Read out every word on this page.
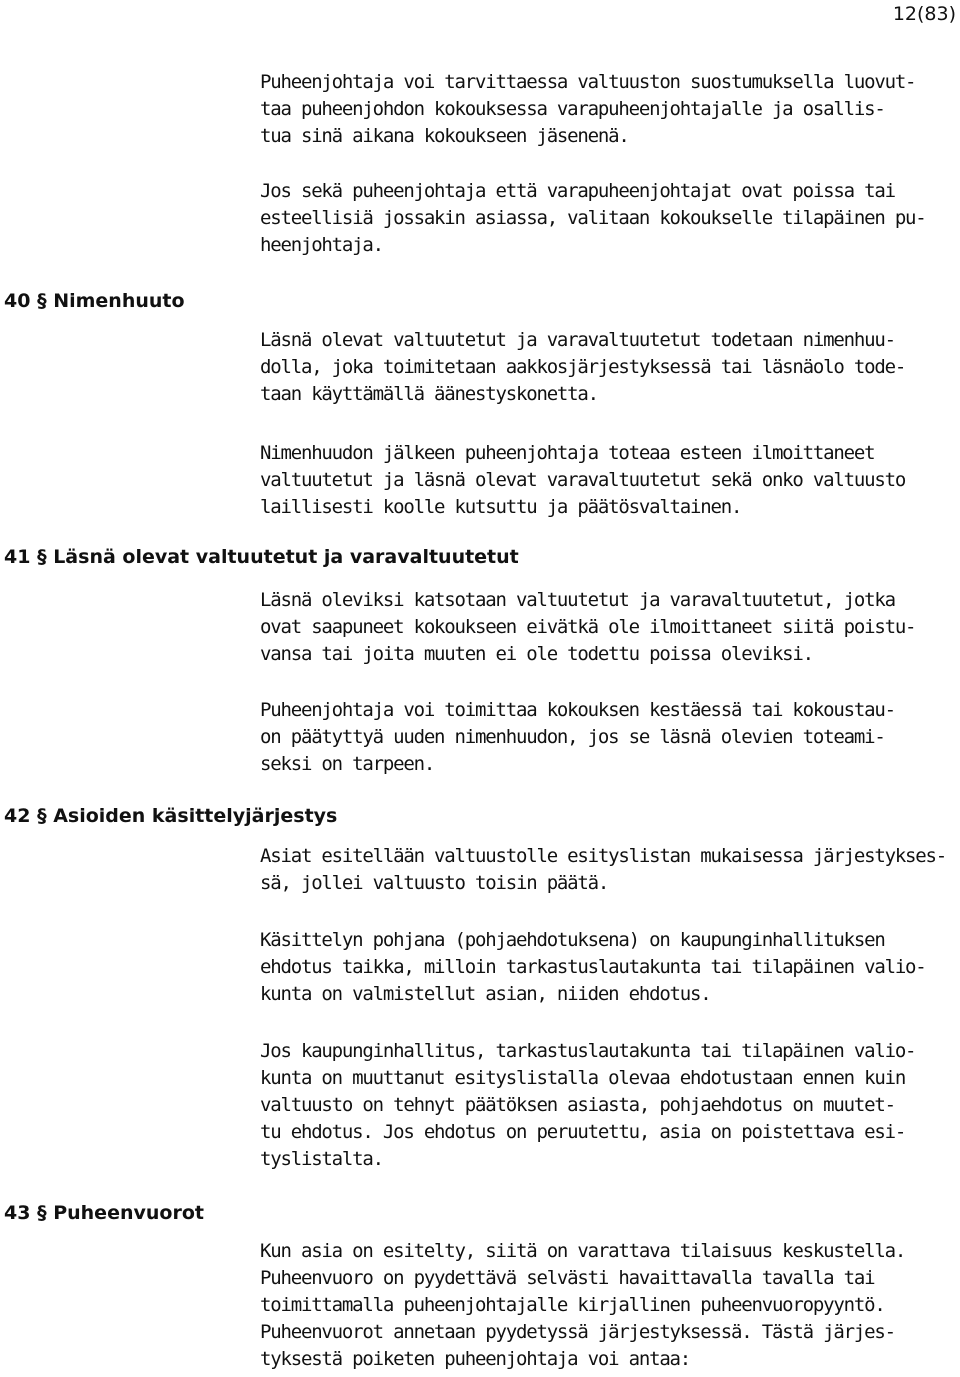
12(83)
40 § Nimenhuuto
41 § Läsnä olevat valtuutetut ja varavaltuutetut
42 § Asioiden käsittelyjärjestys
43 § Puheenvuorot
Puheenjohtaja voi tarvittaessa valtuuston suostumuksella luovut-
taa puheenjohdon kokouksessa varapuheenjohtajalle ja osallis-
tua sinä aikana kokoukseen jäsenenä.
Jos sekä puheenjohtaja että varapuheenjohtajat ovat poissa tai
esteellisiä jossakin asiassa, valitaan kokoukselle tilapäinen pu-
heenjohtaja.
Läsnä olevat valtuutetut ja varavaltuutetut todetaan nimenhuu-
dolla, joka toimitetaan aakkosjärjestyksessä tai läsnäolo tode-
taan käyttämällä äänestyskonetta.
Nimenhuudon jälkeen puheenjohtaja toteaa esteen ilmoittaneet
valtuutetut ja läsnä olevat varavaltuutetut sekä onko valtuusto
laillisesti koolle kutsuttu ja päätösvaltainen.
Läsnä oleviksi katsotaan valtuutetut ja varavaltuutetut, jotka
ovat saapuneet kokoukseen eivätkä ole ilmoittaneet siitä poistu-
vansa tai joita muuten ei ole todettu poissa oleviksi.
Puheenjohtaja voi toimittaa kokouksen kestäessä tai kokoustau-
on päätyttyä uuden nimenhuudon, jos se läsnä olevien toteami-
seksi on tarpeen.
Asiat esitellään valtuustolle esityslistan mukaisessa järjestykses-
sä, jollei valtuusto toisin päätä.
Käsittelyn pohjana (pohjaehdotuksena) on kaupunginhallituksen
ehdotus taikka, milloin tarkastuslautakunta tai tilapäinen valio-
kunta on valmistellut asian, niiden ehdotus.
Jos kaupunginhallitus, tarkastuslautakunta tai tilapäinen valio-
kunta on muuttanut esityslistalla olevaa ehdotustaan ennen kuin
valtuusto on tehnyt päätöksen asiasta, pohjaehdotus on muutet-
tu ehdotus. Jos ehdotus on peruutettu, asia on poistettava esi-
tyslistalta.
Kun asia on esitelty, siitä on varattava tilaisuus keskustella.
Puheenvuoro on pyydettävä selvästi havaittavalla tavalla tai
toimittamalla puheenjohtajalle kirjallinen puheenvuoropyyntö.
Puheenvuorot annetaan pyydetyssä järjestyksessä. Tästä järjes-
tyksestä poiketen puheenjohtaja voi antaa:
